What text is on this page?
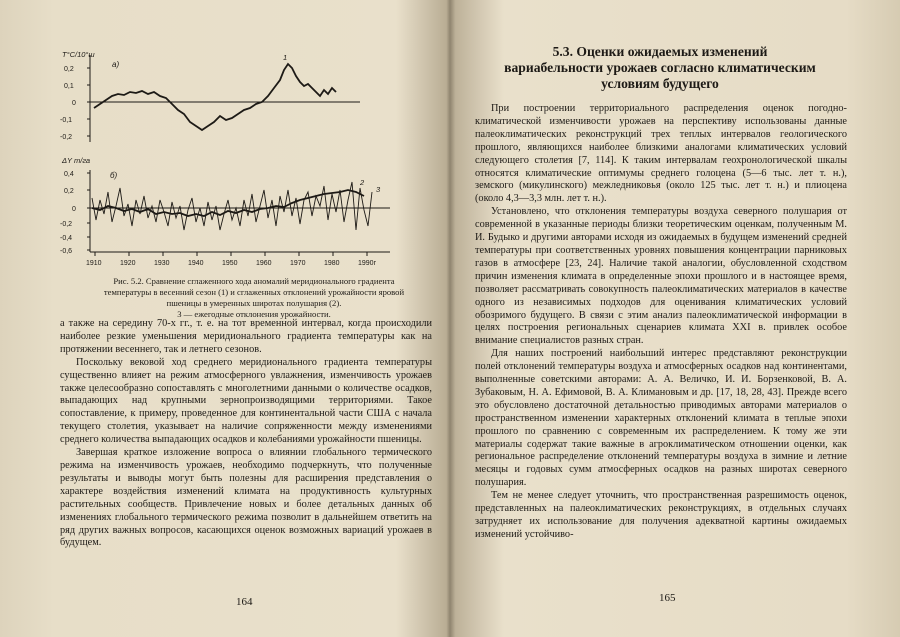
T°C/10°ш
а)
0,2
0,1
0
-0,1
-0,2
1
ΔY т/га
б)
0,4
0,2
0
-0,2
-0,4
-0,6
2
3
1910	1920	1930	1940	1950	1960	1970	1980	1990г

Рис. 5.2. Сравнение сглаженного хода аномалий меридионального градиента

температуры в весенний сезон (1) и сглаженных отклонений урожайности яровой

пшеницы в умеренных широтах полушария (2).

3 — ежегодные отклонения урожайности.

а также на середину 70-х гг., т. е. на тот временной интервал, когда происходили наиболее резкие уменьшения меридионального градиента температуры как на протяжении весеннего, так и летнего сезонов.

Поскольку вековой ход среднего меридионального градиента температуры существенно влияет на режим атмосферного увлажнения, изменчивость урожаев также целесообразно сопоставлять с многолетними данными о количестве осадков, выпадающих над крупными зернопроизводящими территориями. Такое сопоставление, к примеру, проведенное для континентальной части США с начала текущего столетия, указывает на наличие сопряженности между изменениями среднего количества выпадающих осадков и колебаниями урожайности пшеницы.

Завершая краткое изложение вопроса о влиянии глобального термического режима на изменчивость урожаев, необходимо подчеркнуть, что полученные результаты и выводы могут быть полезны для расширения представления о характере воздействия изменений климата на продуктивность культурных растительных сообществ. Привлечение новых и более детальных данных об изменениях глобального термического режима позволит в дальнейшем ответить на ряд других важных вопросов, касающихся оценок возможных вариаций урожаев в будущем.

164
5.3. Оценки ожидаемых изменений
вариабельности урожаев согласно климатическим
условиям будущего

При построении территориального распределения оценок погодно-климатической изменчивости урожаев на перспективу использованы данные палеоклиматических реконструкций трех теплых интервалов геологического прошлого, являющихся наиболее близкими аналогами климатических условий следующего столетия [7, 114]. К таким интервалам геохронологической шкалы относятся климатические оптимумы среднего голоцена (5—6 тыс. лет т. н.), земского (микулинского) межледниковья (около 125 тыс. лет т. н.) и плиоцена (около 4,3—3,3 млн. лет т. н.).

Установлено, что отклонения температуры воздуха северного полушария от современной в указанные периоды близки теоретическим оценкам, полученным М. И. Будыко и другими авторами исходя из ожидаемых в будущем изменений средней температуры при соответственных уровнях повышения концентрации парниковых газов в атмосфере [23, 24]. Наличие такой аналогии, обусловленной сходством причин изменения климата в определенные эпохи прошлого и в настоящее время, позволяет рассматривать совокупность палеоклиматических материалов в качестве одного из независимых подходов для оценивания климатических условий обозримого будущего. В связи с этим анализ палеоклиматической информации в целях построения региональных сценариев климата XXI в. привлек особое внимание специалистов разных стран.

Для наших построений наибольший интерес представляют реконструкции полей отклонений температуры воздуха и атмосферных осадков над континентами, выполненные советскими авторами: А. А. Величко, И. И. Борзенковой, В. А. Зубаковым, Н. А. Ефимовой, В. А. Климановым и др. [17, 18, 28, 43]. Прежде всего это обусловлено достаточной детальностью приводимых авторами материалов о пространственном изменении характерных отклонений климата в теплые эпохи прошлого по сравнению с современным их распределением. К тому же эти материалы содержат такие важные в агроклиматическом отношении оценки, как региональное распределение отклонений температуры воздуха в зимние и летние месяцы и годовых сумм атмосферных осадков на разных широтах северного полушария.

Тем не менее следует уточнить, что пространственная разрешимость оценок, представленных на палеоклиматических реконструкциях, в отдельных случаях затрудняет их использование для получения адекватной картины ожидаемых изменений устойчиво-

165
